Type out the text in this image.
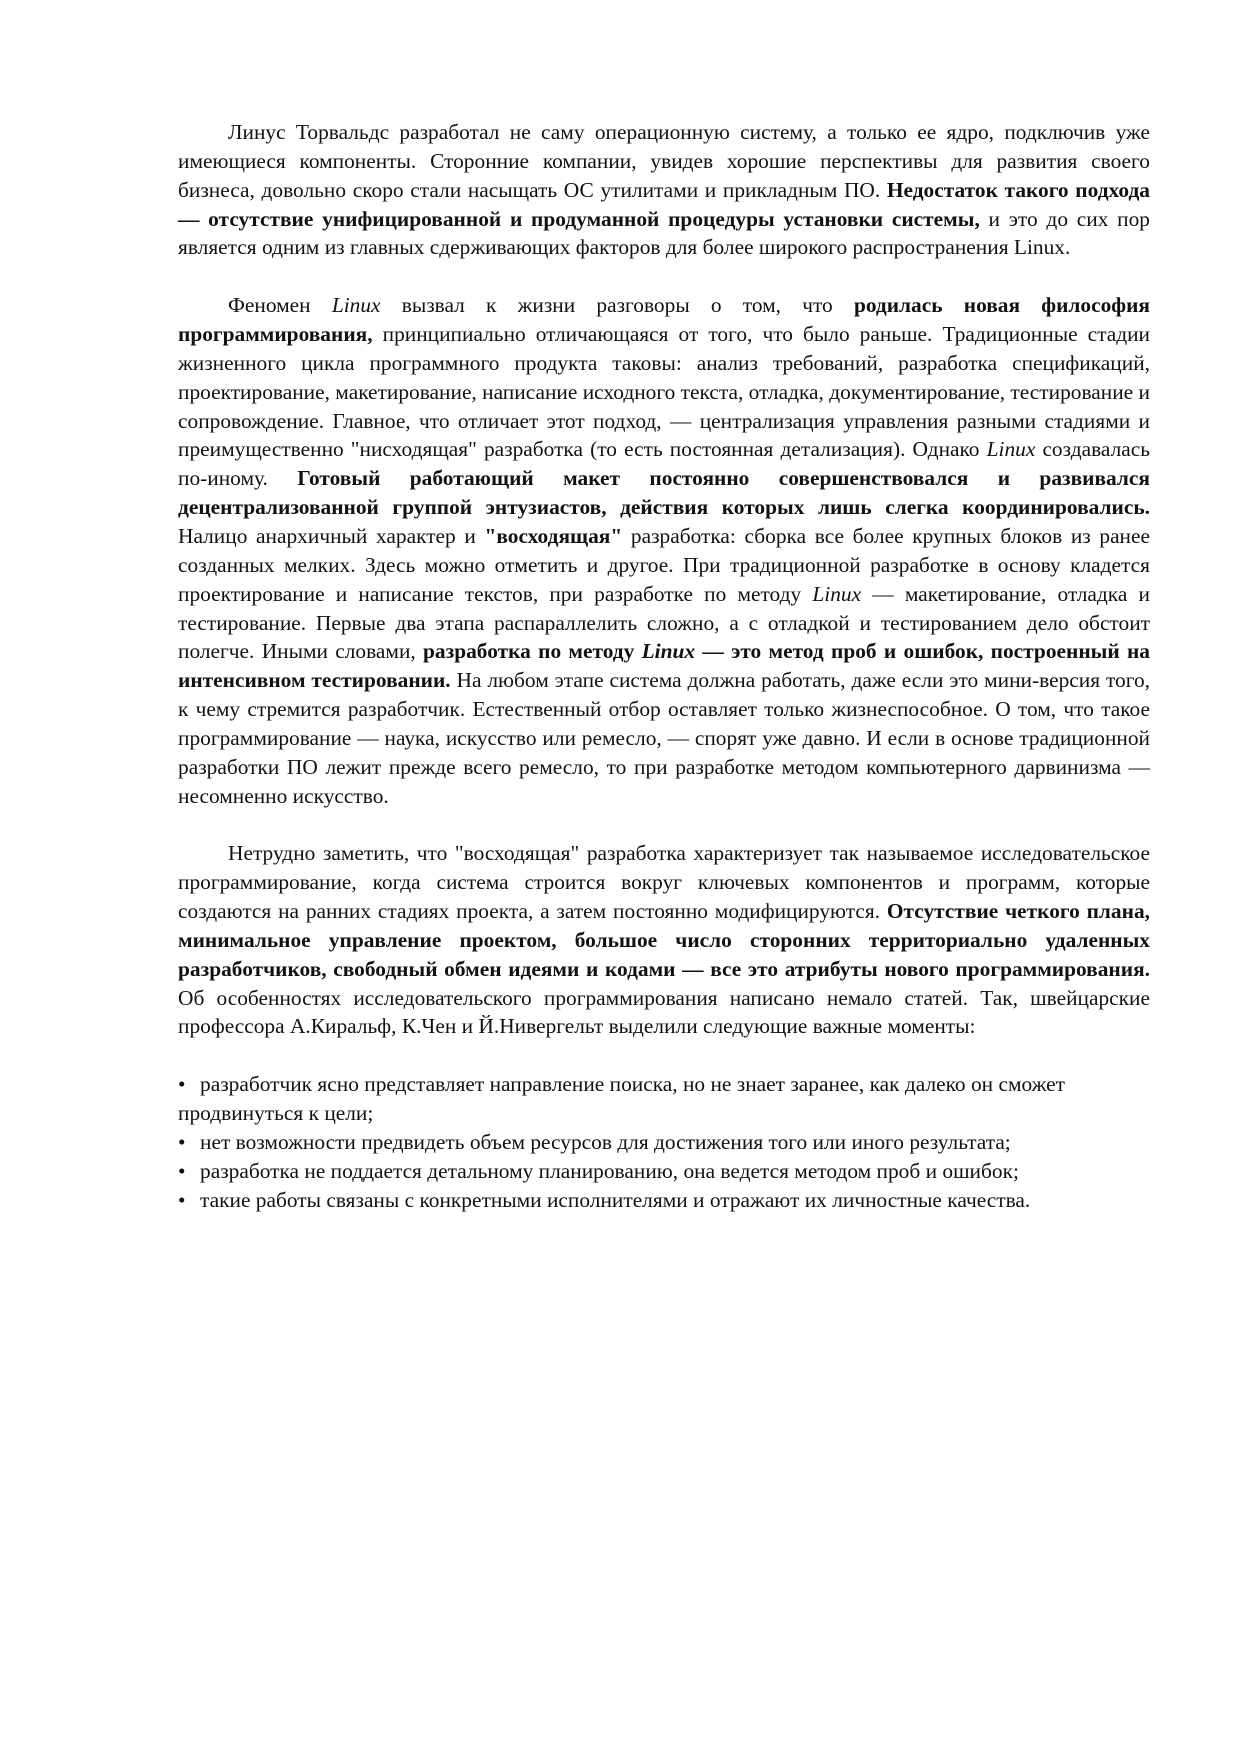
Линус Торвальдс разработал не саму операционную систему, а только ее ядро, подключив уже имеющиеся компоненты. Сторонние компании, увидев хорошие перспективы для развития своего бизнеса, довольно скоро стали насыщать ОС утилитами и прикладным ПО. Недостаток такого подхода — отсутствие унифицированной и продуманной процедуры установки системы, и это до сих пор является одним из главных сдерживающих факторов для более широкого распространения Linux.

Феномен Linux вызвал к жизни разговоры о том, что родилась новая философия программирования, принципиально отличающаяся от того, что было раньше. Традиционные стадии жизненного цикла программного продукта таковы: анализ требований, разработка спецификаций, проектирование, макетирование, написание исходного текста, отладка, документирование, тестирование и сопровождение. Главное, что отличает этот подход, — централизация управления разными стадиями и преимущественно "нисходящая" разработка (то есть постоянная детализация). Однако Linux создавалась по-иному. Готовый работающий макет постоянно совершенствовался и развивался децентрализованной группой энтузиастов, действия которых лишь слегка координировались. Налицо анархичный характер и "восходящая" разработка: сборка все более крупных блоков из ранее созданных мелких. Здесь можно отметить и другое. При традиционной разработке в основу кладется проектирование и написание текстов, при разработке по методу Linux — макетирование, отладка и тестирование. Первые два этапа распараллелить сложно, а с отладкой и тестированием дело обстоит полегче. Иными словами, разработка по методу Linux — это метод проб и ошибок, построенный на интенсивном тестировании. На любом этапе система должна работать, даже если это мини-версия того, к чему стремится разработчик. Естественный отбор оставляет только жизнеспособное. О том, что такое программирование — наука, искусство или ремесло, — спорят уже давно. И если в основе традиционной разработки ПО лежит прежде всего ремесло, то при разработке методом компьютерного дарвинизма — несомненно искусство.

Нетрудно заметить, что "восходящая" разработка характеризует так называемое исследовательское программирование, когда система строится вокруг ключевых компонентов и программ, которые создаются на ранних стадиях проекта, а затем постоянно модифицируются. Отсутствие четкого плана, минимальное управление проектом, большое число сторонних территориально удаленных разработчиков, свободный обмен идеями и кодами — все это атрибуты нового программирования. Об особенностях исследовательского программирования написано немало статей. Так, швейцарские профессора А.Киральф, К.Чен и Й.Нивергельт выделили следующие важные моменты:

• разработчик ясно представляет направление поиска, но не знает заранее, как далеко он сможет продвинуться к цели;
• нет возможности предвидеть объем ресурсов для достижения того или иного результата;
• разработка не поддается детальному планированию, она ведется методом проб и ошибок;
• такие работы связаны с конкретными исполнителями и отражают их личностные качества.
